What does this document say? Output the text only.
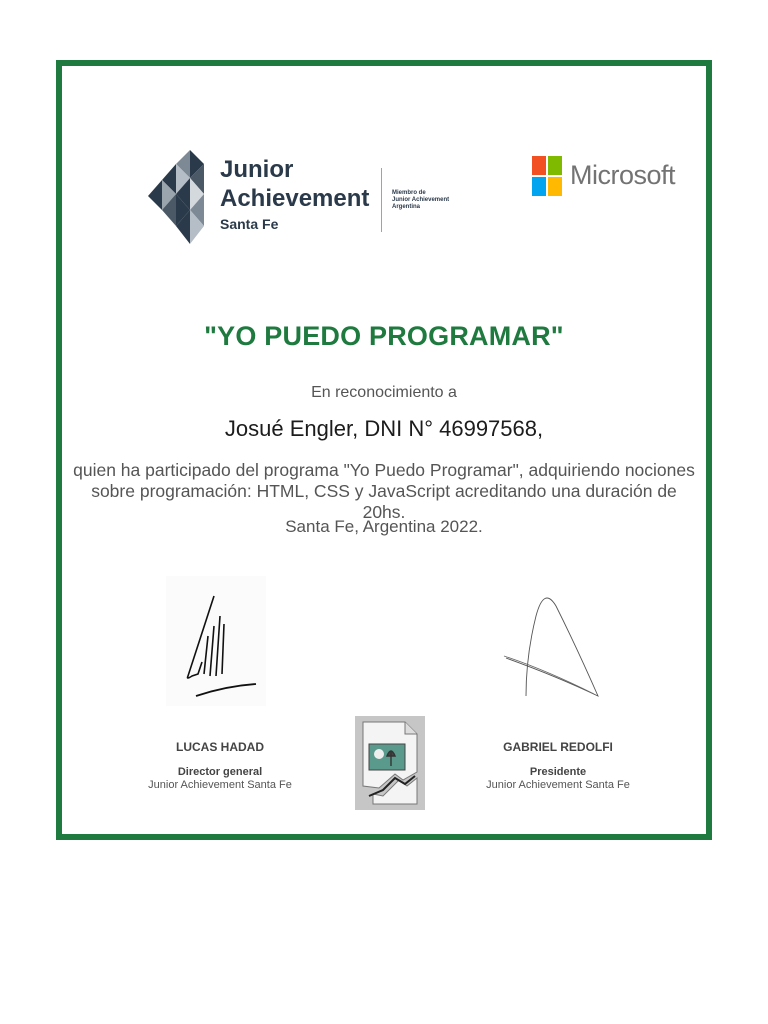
Junior
Achievement
Santa Fe
Miembro de
Junior Achievement
Argentina
Microsoft
"YO PUEDO PROGRAMAR"
En reconocimiento a
Josué Engler, DNI N° 46997568,
quien ha participado del programa "Yo Puedo Programar", adquiriendo nociones
sobre programación: HTML, CSS y JavaScript acreditando una duración de 20hs.
Santa Fe, Argentina 2022.
LUCAS HADAD
Director general
Junior Achievement Santa Fe
GABRIEL REDOLFI
Presidente
Junior Achievement Santa Fe
